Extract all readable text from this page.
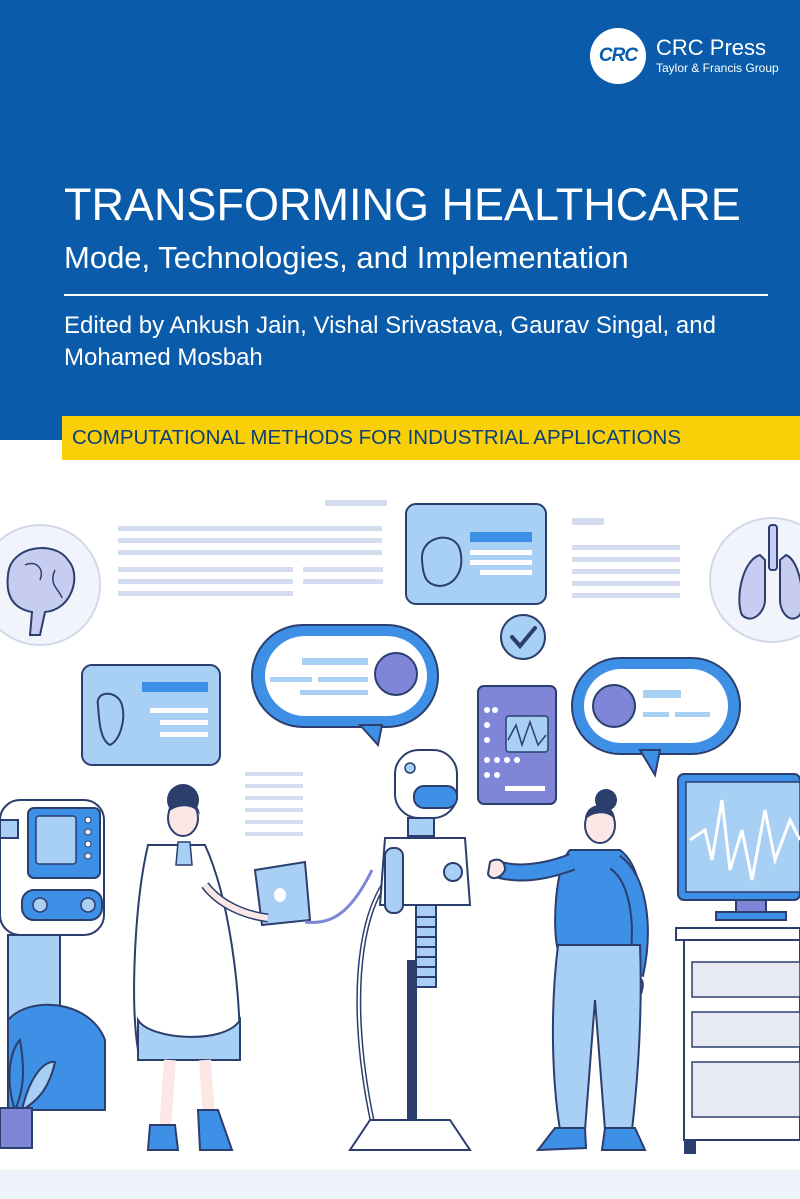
CRC CRC Press
Taylor & Francis Group
TRANSFORMING HEALTHCARE
Mode, Technologies, and Implementation

Edited by Ankush Jain, Vishal Srivastava, Gaurav Singal, and Mohamed Mosbah

COMPUTATIONAL METHODS FOR INDUSTRIAL APPLICATIONS
